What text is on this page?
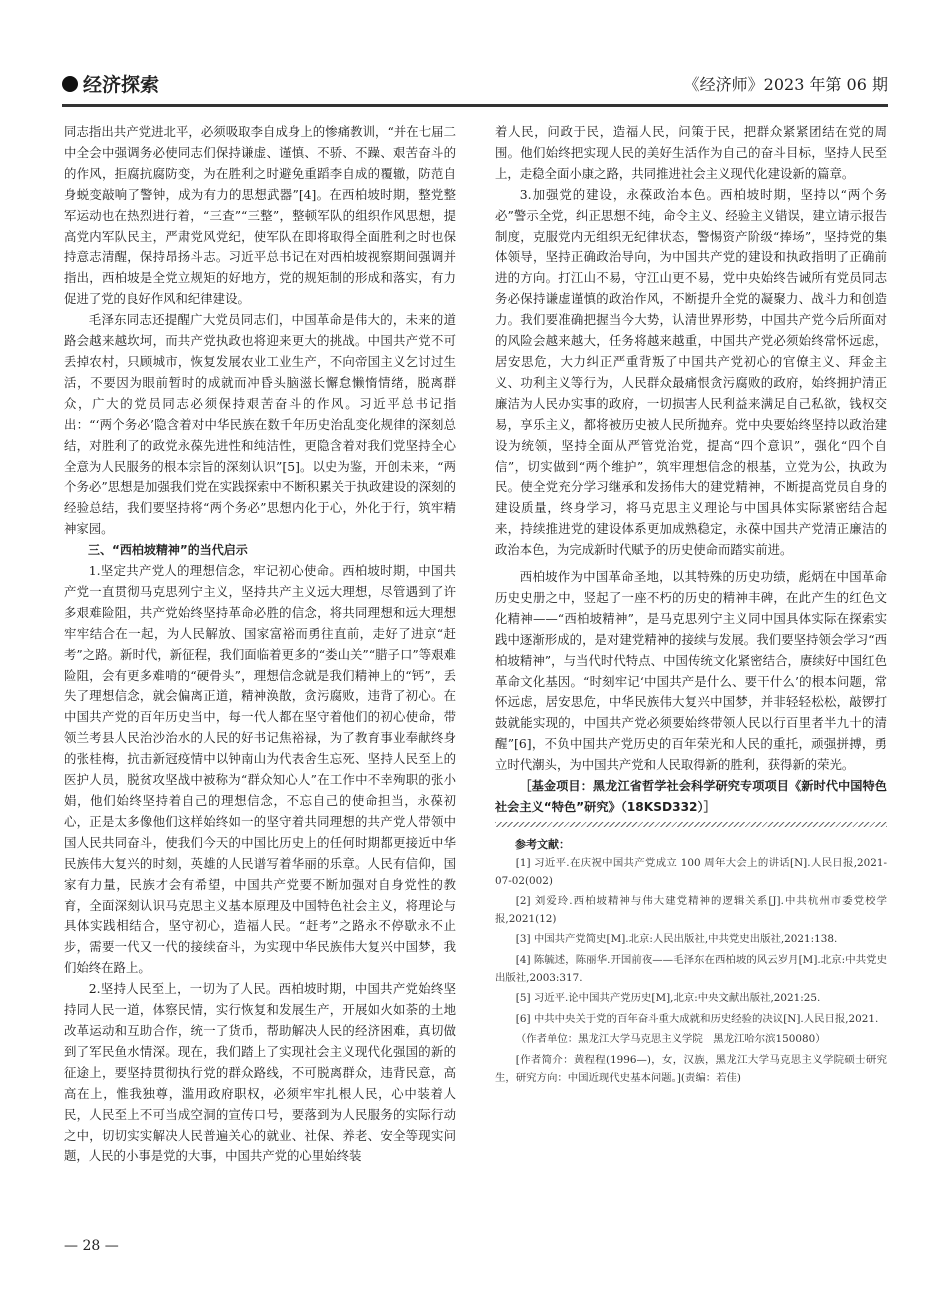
经济探索	《经济师》2023 年第 06 期

同志指出共产党进北平，必须吸取李自成身上的惨痛教训，“并在七届二中全会中强调务必使同志们保持谦虚、谨慎、不骄、不躁、艰苦奋斗的的作风，拒腐抗腐防变，为在胜利之时避免重蹈李自成的覆辙，防范自身蜕变敲响了警钟，成为有力的思想武器”[4]。在西柏坡时期，整党整军运动也在热烈进行着，“三查”“三整”，整顿军队的组织作风思想，提高党内军队民主，严肃党风党纪，使军队在即将取得全面胜利之时也保持意志清醒，保持昂扬斗志。习近平总书记在对西柏坡视察期间强调并指出，西柏坡是全党立规矩的好地方，党的规矩制的形成和落实，有力促进了党的良好作风和纪律建设。

毛泽东同志还提醒广大党员同志们，中国革命是伟大的，未来的道路会越来越坎坷，而共产党执政也将迎来更大的挑战。中国共产党不可丢掉农村，只顾城市，恢复发展农业工业生产，不向帝国主义乞讨过生活，不要因为眼前暂时的成就而冲昏头脑滋长懈怠懒惰情绪，脱离群众，广大的党员同志必须保持艰苦奋斗的作风。习近平总书记指出：“‘两个务必’隐含着对中华民族在数千年历史治乱变化规律的深刻总结，对胜利了的政党永葆先进性和纯洁性，更隐含着对我们党坚持全心全意为人民服务的根本宗旨的深刻认识”[5]。以史为鉴，开创未来，“两个务必”思想是加强我们党在实践探索中不断积累关于执政建设的深刻的经验总结，我们要坚持将“两个务必”思想内化于心，外化于行，筑牢精神家园。

三、“西柏坡精神”的当代启示

1.坚定共产党人的理想信念，牢记初心使命。西柏坡时期，中国共产党一直贯彻马克思列宁主义，坚持共产主义远大理想，尽管遇到了许多艰难险阻，共产党始终坚持革命必胜的信念，将共同理想和远大理想牢牢结合在一起，为人民解放、国家富裕而勇往直前，走好了进京“赶考”之路。新时代，新征程，我们面临着更多的“娄山关”“腊子口”等艰难险阻，会有更多难啃的“硬骨头”，理想信念就是我们精神上的“钙”，丢失了理想信念，就会偏离正道，精神涣散，贪污腐败，违背了初心。在中国共产党的百年历史当中，每一代人都在坚守着他们的初心使命，带领兰考县人民治沙治水的人民的好书记焦裕禄，为了教育事业奉献终身的张桂梅，抗击新冠疫情中以钟南山为代表舍生忘死、坚持人民至上的医护人员，脱贫攻坚战中被称为“群众知心人”在工作中不幸殉职的张小娟，他们始终坚持着自己的理想信念，不忘自己的使命担当，永葆初心，正是太多像他们这样始终如一的坚守着共同理想的共产党人带领中国人民共同奋斗，使我们今天的中国比历史上的任何时期都更接近中华民族伟大复兴的时刻，英雄的人民谱写着华丽的乐章。人民有信仰，国家有力量，民族才会有希望，中国共产党要不断加强对自身党性的教育，全面深刻认识马克思主义基本原理及中国特色社会主义，将理论与具体实践相结合，坚守初心，造福人民。“赶考”之路永不停歇永不止步，需要一代又一代的接续奋斗，为实现中华民族伟大复兴中国梦，我们始终在路上。

2.坚持人民至上，一切为了人民。西柏坡时期，中国共产党始终坚持同人民一道，体察民情，实行恢复和发展生产，开展如火如荼的土地改革运动和互助合作，统一了货币，帮助解决人民的经济困难，真切做到了军民鱼水情深。现在，我们踏上了实现社会主义现代化强国的新的征途上，要坚持贯彻执行党的群众路线，不可脱离群众，违背民意，高高在上，惟我独尊，滥用政府职权，必须牢牢扎根人民，心中装着人民，人民至上不可当成空洞的宣传口号，要落到为人民服务的实际行动之中，切切实实解决人民普遍关心的就业、社保、养老、安全等现实问题，人民的小事是党的大事，中国共产党的心里始终装

着人民，问政于民，造福人民，问策于民，把群众紧紧团结在党的周围。他们始终把实现人民的美好生活作为自己的奋斗目标，坚持人民至上，走稳全面小康之路，共同推进社会主义现代化建设新的篇章。

3.加强党的建设，永葆政治本色。西柏坡时期，坚持以“两个务必”警示全党，纠正思想不纯，命令主义、经验主义错误，建立请示报告制度，克服党内无组织无纪律状态，警惕资产阶级“捧场”，坚持党的集体领导，坚持正确政治导向，为中国共产党的建设和执政指明了正确前进的方向。打江山不易，守江山更不易，党中央始终告诫所有党员同志务必保持谦虚谨慎的政治作风，不断提升全党的凝聚力、战斗力和创造力。我们要准确把握当今大势，认清世界形势，中国共产党今后所面对的风险会越来越大，任务将越来越重，中国共产党必须始终常怀远虑，居安思危，大力纠正严重背叛了中国共产党初心的官僚主义、拜金主义、功利主义等行为，人民群众最痛恨贪污腐败的政府，始终拥护清正廉洁为人民办实事的政府，一切损害人民利益来满足自己私欲，钱权交易，享乐主义，都将被历史被人民所抛弃。党中央要始终坚持以政治建设为统领，坚持全面从严管党治党，提高“四个意识”，强化“四个自信”，切实做到“两个维护”，筑牢理想信念的根基，立党为公，执政为民。使全党充分学习继承和发扬伟大的建党精神，不断提高党员自身的建设质量，终身学习，将马克思主义理论与中国具体实际紧密结合起来，持续推进党的建设体系更加成熟稳定，永葆中国共产党清正廉洁的政治本色，为完成新时代赋予的历史使命而踏实前进。

西柏坡作为中国革命圣地，以其特殊的历史功绩，彪炳在中国革命历史史册之中，竖起了一座不朽的历史的精神丰碑，在此产生的红色文化精神——“西柏坡精神”，是马克思列宁主义同中国具体实际在探索实践中逐渐形成的，是对建党精神的接续与发展。我们要坚持领会学习“西柏坡精神”，与当代时代特点、中国传统文化紧密结合，赓续好中国红色革命文化基因。“时刻牢记‘中国共产是什么、要干什么’的根本问题，常怀远虑，居安思危，中华民族伟大复兴中国梦，并非轻轻松松，敲锣打鼓就能实现的，中国共产党必须要始终带领人民以行百里者半九十的清醒”[6]，不负中国共产党历史的百年荣光和人民的重托，顽强拼搏，勇立时代潮头，为中国共产党和人民取得新的胜利，获得新的荣光。

［基金项目：黑龙江省哲学社会科学研究专项项目《新时代中国特色社会主义“特色”研究》（18KSD332）］

参考文献：
[1] 习近平.在庆祝中国共产党成立 100 周年大会上的讲话[N].人民日报,2021-07-02(002)
[2] 刘爱玲.西柏坡精神与伟大建党精神的逻辑关系[J].中共杭州市委党校学报,2021(12)
[3] 中国共产党简史[M].北京:人民出版社,中共党史出版社,2021:138.
[4] 陈毓述，陈丽华.开国前夜——毛泽东在西柏坡的风云岁月[M].北京:中共党史出版社,2003:317.
[5] 习近平.论中国共产党历史[M],北京:中央文献出版社,2021:25.
[6] 中共中央关于党的百年奋斗重大成就和历史经验的决议[N].人民日报,2021.
（作者单位：黑龙江大学马克思主义学院　黑龙江哈尔滨150080）
[作者简介：黄程程(1996—)，女，汉族，黑龙江大学马克思主义学院硕士研究生，研究方向：中国近现代史基本问题。](责编：若佳)
— 28 —
